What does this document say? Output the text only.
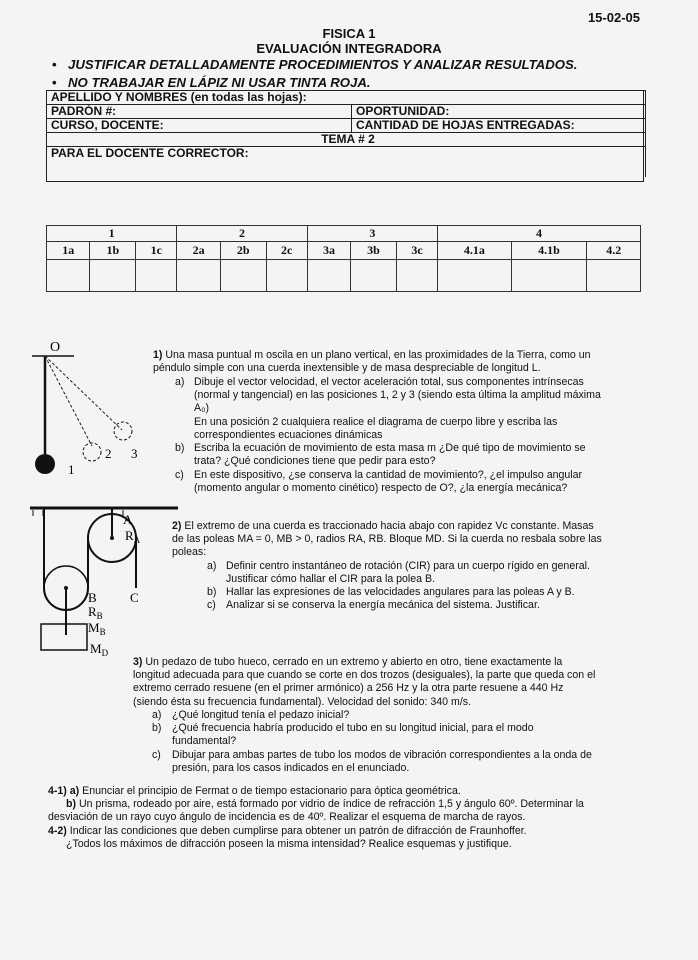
15-02-05
FISICA 1
EVALUACIÓN INTEGRADORA
• JUSTIFICAR DETALLADAMENTE PROCEDIMIENTOS Y ANALIZAR RESULTADOS.
• NO TRABAJAR EN LÁPIZ NI USAR TINTA ROJA.
APELLIDO Y NOMBRES (en todas las hojas):
PADRÓN #:	OPORTUNIDAD:
CURSO, DOCENTE:	CANTIDAD DE HOJAS ENTREGADAS:
TEMA # 2
PARA EL DOCENTE CORRECTOR:
1			2			3			4		
1a	1b	1c	2a	2b	2c	3a	3b	3c	4.1a	4.1b	4.2

O
1
2 3
A
$R_A$
B	C
$R_B$
$M_B$
$M_D$
1) Una masa puntual m oscila en un plano vertical, en las proximidades de la Tierra, como un
péndulo simple con una cuerda inextensible y de masa despreciable de longitud L.
a) Dibuje el vector velocidad, el vector aceleración total, sus componentes intrínsecas
(normal y tangencial) en las posiciones 1, 2 y 3 (siendo esta última la amplitud máxima
A₀)
En una posición 2 cualquiera realice el diagrama de cuerpo libre y escriba las
correspondientes ecuaciones dinámicas
b) Escriba la ecuación de movimiento de esta masa m ¿De qué tipo de movimiento se
trata? ¿Qué condiciones tiene que pedir para esto?
c) En este dispositivo, ¿se conserva la cantidad de movimiento?, ¿el impulso angular
(momento angular o momento cinético) respecto de O?, ¿la energía mecánica?
2) El extremo de una cuerda es traccionado hacia abajo con rapidez Vc constante. Masas
de las poleas MA = 0, MB > 0, radios RA, RB. Bloque MD. Si la cuerda no resbala sobre las
poleas:
a) Definir centro instantáneo de rotación (CIR) para un cuerpo rígido en general.
Justificar cómo hallar el CIR para la polea B.
b) Hallar las expresiones de las velocidades angulares para las poleas A y B.
c) Analizar si se conserva la energía mecánica del sistema. Justificar.
3) Un pedazo de tubo hueco, cerrado en un extremo y abierto en otro, tiene exactamente la
longitud adecuada para que cuando se corte en dos trozos (desiguales), la parte que queda con el
extremo cerrado resuene (en el primer armónico) a 256 Hz y la otra parte resuene a 440 Hz
(siendo ésta su frecuencia fundamental). Velocidad del sonido: 340 m/s.
a) ¿Qué longitud tenía el pedazo inicial?
b) ¿Qué frecuencia habría producido el tubo en su longitud inicial, para el modo
fundamental?
c) Dibujar para ambas partes de tubo los modos de vibración correspondientes a la onda de
presión, para los casos indicados en el enunciado.
4-1) a) Enunciar el principio de Fermat o de tiempo estacionario para óptica geométrica.
b) Un prisma, rodeado por aire, está formado por vidrio de índice de refracción 1,5 y ángulo 60º. Determinar la
desviación de un rayo cuyo ángulo de incidencia es de 40º. Realizar el esquema de marcha de rayos.
4-2) Indicar las condiciones que deben cumplirse para obtener un patrón de difracción de Fraunhoffer.
¿Todos los máximos de difracción poseen la misma intensidad? Realice esquemas y justifique.
